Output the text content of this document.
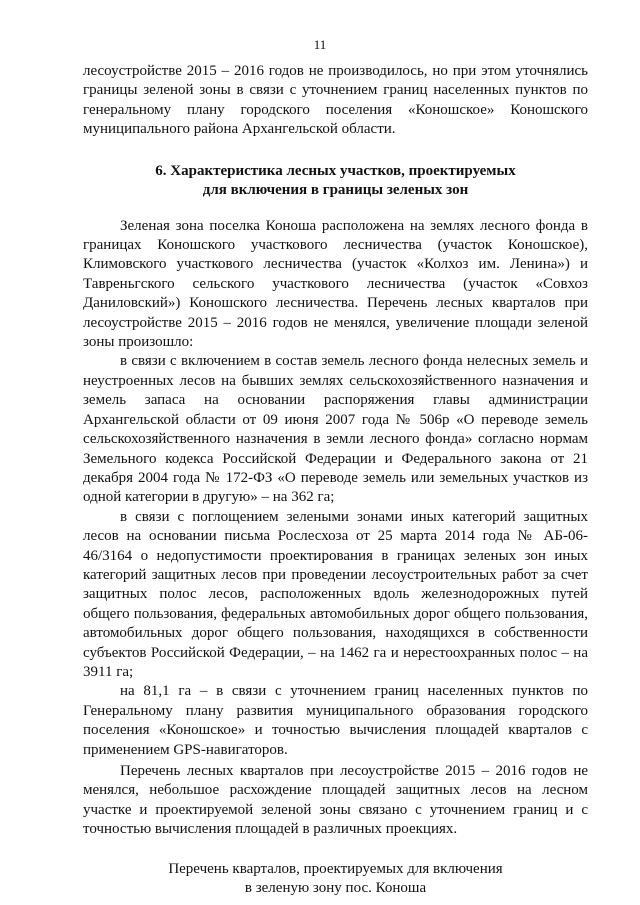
11

лесоустройстве 2015 – 2016 годов не производилось, но при этом уточнялись границы зеленой зоны в связи с уточнением границ населенных пунктов по генеральному плану городского поселения «Коношское» Коношского муниципального района Архангельской области.

6. Характеристика лесных участков, проектируемых
для включения в границы зеленых зон

Зеленая зона поселка Коноша расположена на землях лесного фонда в границах Коношского участкового лесничества (участок Коношское), Климовского участкового лесничества (участок «Колхоз им. Ленина») и Тавреньгского сельского участкового лесничества (участок «Совхоз Даниловский») Коношского лесничества. Перечень лесных кварталов при лесоустройстве 2015 – 2016 годов не менялся, увеличение площади зеленой зоны произошло:

в связи с включением в состав земель лесного фонда нелесных земель и неустроенных лесов на бывших землях сельскохозяйственного назначения и земель запаса на основании распоряжения главы администрации Архангельской области от 09 июня 2007 года № 506р «О переводе земель сельскохозяйственного назначения в земли лесного фонда» согласно нормам Земельного кодекса Российской Федерации и Федерального закона от 21 декабря 2004 года № 172-ФЗ «О переводе земель или земельных участков из одной категории в другую» – на 362 га;

в связи с поглощением зелеными зонами иных категорий защитных лесов на основании письма Рослесхоза от 25 марта 2014 года № АБ-06-46/3164 о недопустимости проектирования в границах зеленых зон иных категорий защитных лесов при проведении лесоустроительных работ за счет защитных полос лесов, расположенных вдоль железнодорожных путей общего пользования, федеральных автомобильных дорог общего пользования, автомобильных дорог общего пользования, находящихся в собственности субъектов Российской Федерации, – на 1462 га и нерестоохранных полос – на 3911 га;

на 81,1 га – в связи с уточнением границ населенных пунктов по Генеральному плану развития муниципального образования городского поселения «Коношское» и точностью вычисления площадей кварталов с применением GPS-навигаторов.

Перечень лесных кварталов при лесоустройстве 2015 – 2016 годов не менялся, небольшое расхождение площадей защитных лесов на лесном участке и проектируемой зеленой зоны связано с уточнением границ и с точностью вычисления площадей в различных проекциях.

Перечень кварталов, проектируемых для включения
в зеленую зону пос. Коноша
